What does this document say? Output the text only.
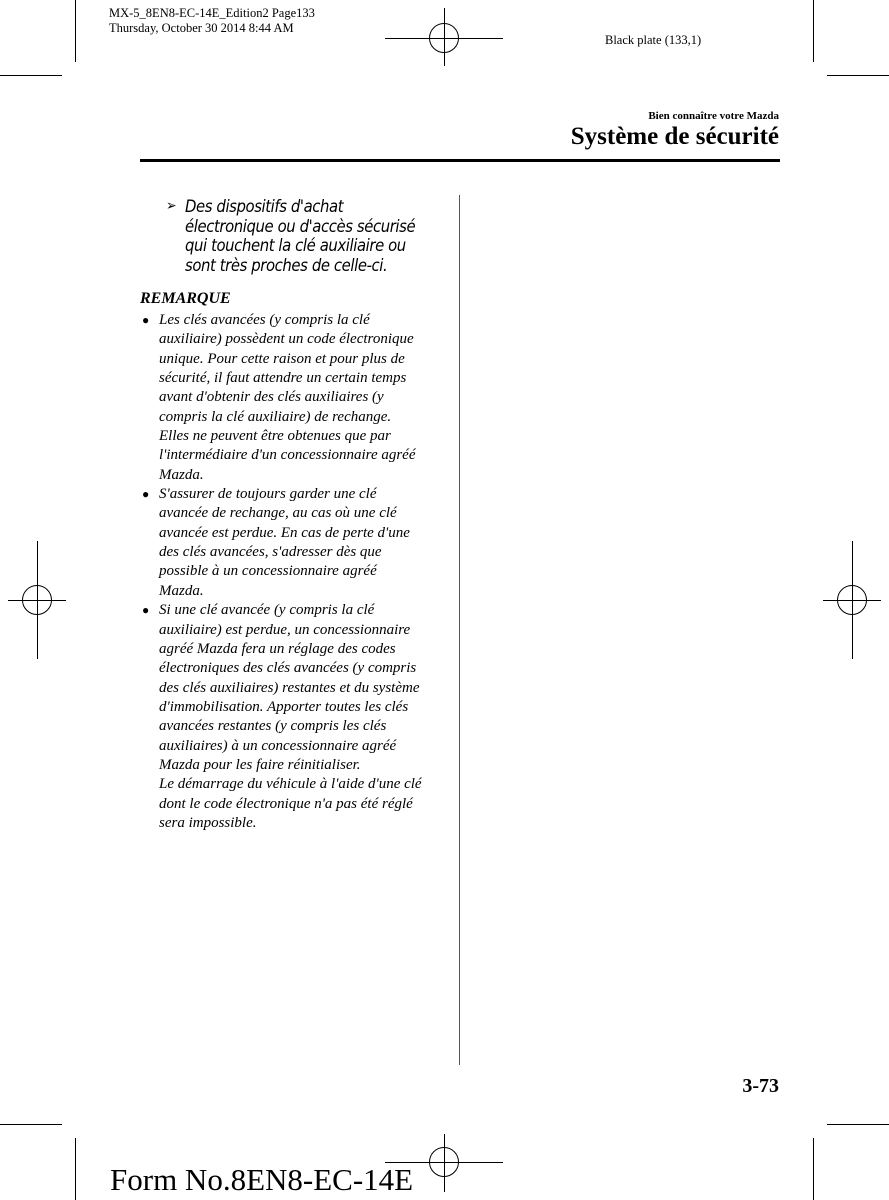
MX-5_8EN8-EC-14E_Edition2 Page133
Thursday, October 30 2014 8:44 AM
Black plate (133,1)
Bien connaître votre Mazda
Système de sécurité
➢ Des dispositifs d'achat
électronique ou d'accès sécurisé
qui touchent la clé auxiliaire ou
sont très proches de celle-ci.
REMARQUE
● Les clés avancées (y compris la clé
auxiliaire) possèdent un code électronique
unique. Pour cette raison et pour plus de
sécurité, il faut attendre un certain temps
avant d'obtenir des clés auxiliaires (y
compris la clé auxiliaire) de rechange.
Elles ne peuvent être obtenues que par
l'intermédiaire d'un concessionnaire agréé
Mazda.
● S'assurer de toujours garder une clé
avancée de rechange, au cas où une clé
avancée est perdue. En cas de perte d'une
des clés avancées, s'adresser dès que
possible à un concessionnaire agréé
Mazda.
● Si une clé avancée (y compris la clé
auxiliaire) est perdue, un concessionnaire
agréé Mazda fera un réglage des codes
électroniques des clés avancées (y compris
des clés auxiliaires) restantes et du système
d'immobilisation. Apporter toutes les clés
avancées restantes (y compris les clés
auxiliaires) à un concessionnaire agréé
Mazda pour les faire réinitialiser.
Le démarrage du véhicule à l'aide d'une clé
dont le code électronique n'a pas été réglé
sera impossible.
3-73
Form No.8EN8-EC-14E
